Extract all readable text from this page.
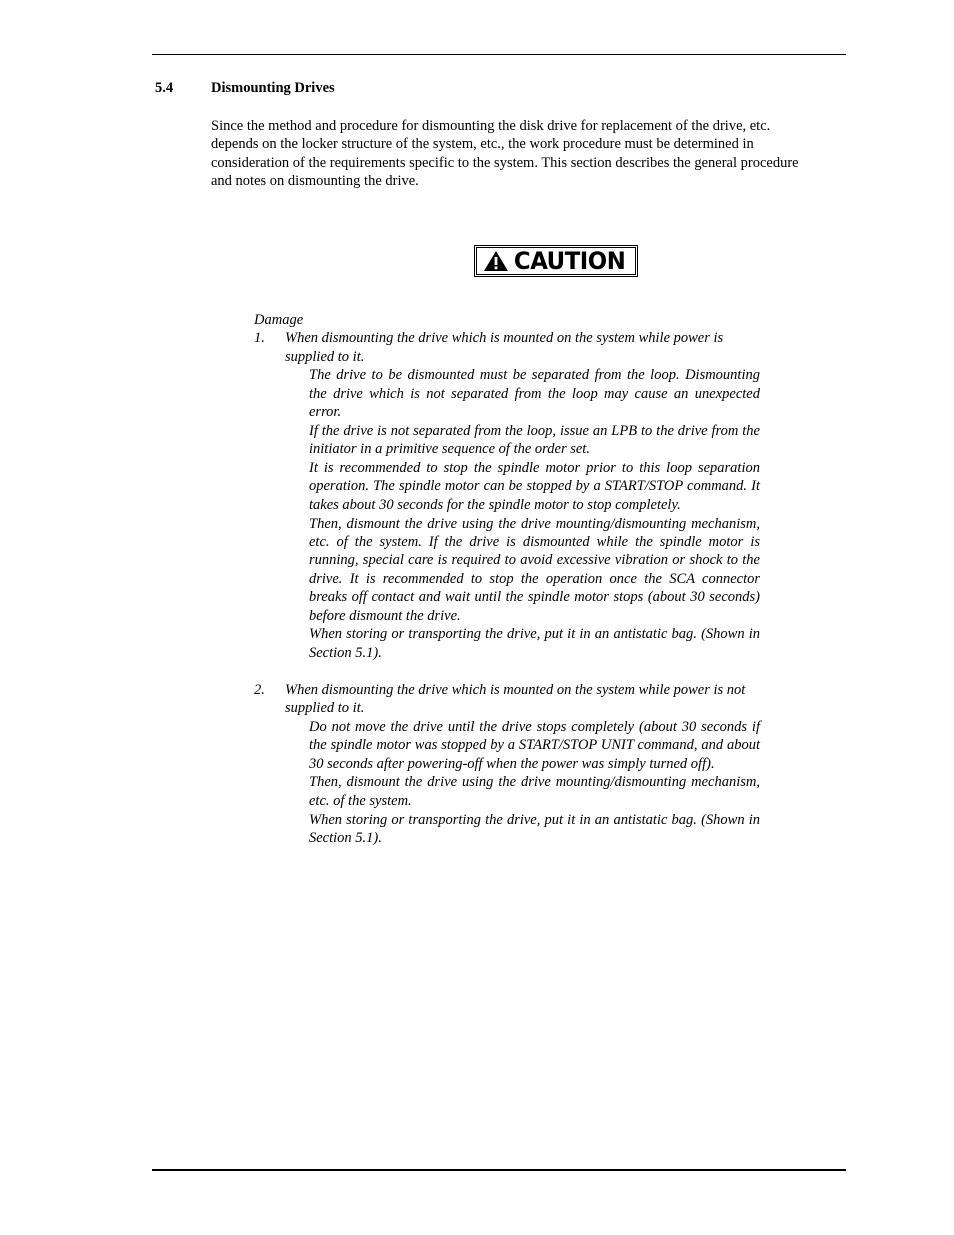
5.4	Dismounting Drives

Since the method and procedure for dismounting the disk drive for replacement of the drive, etc. depends on the locker structure of the system, etc., the work procedure must be determined in consideration of the requirements specific to the system. This section describes the general procedure and notes on dismounting the drive.

CAUTION

Damage

1. When dismounting the drive which is mounted on the system while power is supplied to it.

The drive to be dismounted must be separated from the loop. Dismounting the drive which is not separated from the loop may cause an unexpected error.

If the drive is not separated from the loop, issue an LPB to the drive from the initiator in a primitive sequence of the order set.

It is recommended to stop the spindle motor prior to this loop separation operation. The spindle motor can be stopped by a START/STOP command. It takes about 30 seconds for the spindle motor to stop completely.

Then, dismount the drive using the drive mounting/dismounting mechanism, etc. of the system. If the drive is dismounted while the spindle motor is running, special care is required to avoid excessive vibration or shock to the drive. It is recommended to stop the operation once the SCA connector breaks off contact and wait until the spindle motor stops (about 30 seconds) before dismount the drive.

When storing or transporting the drive, put it in an antistatic bag. (Shown in Section 5.1).

2. When dismounting the drive which is mounted on the system while power is not supplied to it.

Do not move the drive until the drive stops completely (about 30 seconds if the spindle motor was stopped by a START/STOP UNIT command, and about 30 seconds after powering-off when the power was simply turned off).

Then, dismount the drive using the drive mounting/dismounting mechanism, etc. of the system.

When storing or transporting the drive, put it in an antistatic bag. (Shown in Section 5.1).
